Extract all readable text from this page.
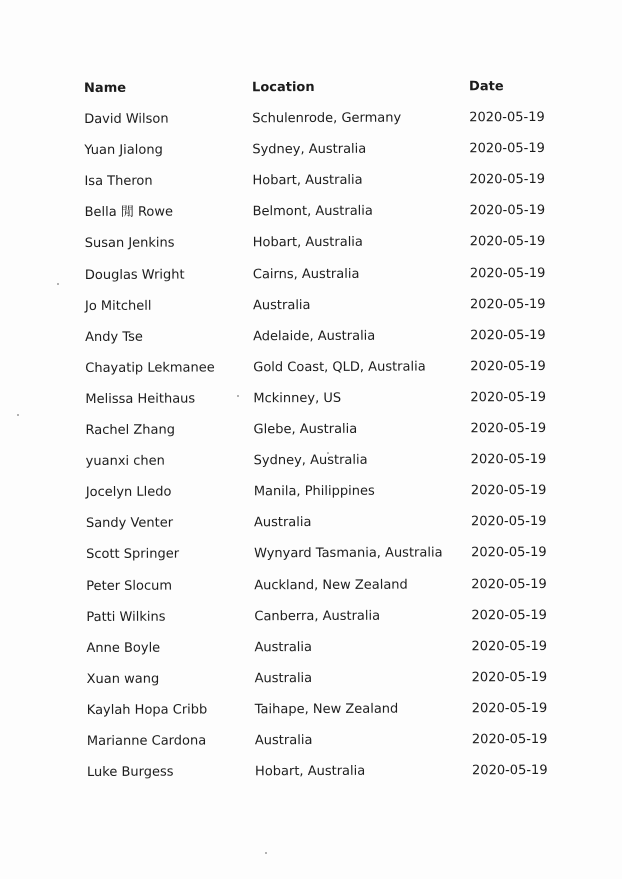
Name	Location	Date
David Wilson	Schulenrode, Germany	2020-05-19
Yuan Jialong	Sydney, Australia	2020-05-19
Isa Theron	Hobart, Australia	2020-05-19
Bella 閒 Rowe	Belmont, Australia	2020-05-19
Susan Jenkins	Hobart, Australia	2020-05-19
Douglas Wright	Cairns, Australia	2020-05-19
Jo Mitchell	Australia	2020-05-19
Andy Tse	Adelaide, Australia	2020-05-19
Chayatip Lekmanee	Gold Coast, QLD, Australia	2020-05-19
Melissa Heithaus	Mckinney, US	2020-05-19
Rachel Zhang	Glebe, Australia	2020-05-19
yuanxi chen	Sydney, Australia	2020-05-19
Jocelyn Lledo	Manila, Philippines	2020-05-19
Sandy Venter	Australia	2020-05-19
Scott Springer	Wynyard Tasmania, Australia 2020-05-19
Peter Slocum	Auckland, New Zealand	2020-05-19
Patti Wilkins	Canberra, Australia	2020-05-19
Anne Boyle	Australia	2020-05-19
Xuan wang	Australia	2020-05-19
Kaylah Hopa Cribb	Taihape, New Zealand	2020-05-19
Marianne Cardona	Australia	2020-05-19
Luke Burgess	Hobart, Australia	2020-05-19
